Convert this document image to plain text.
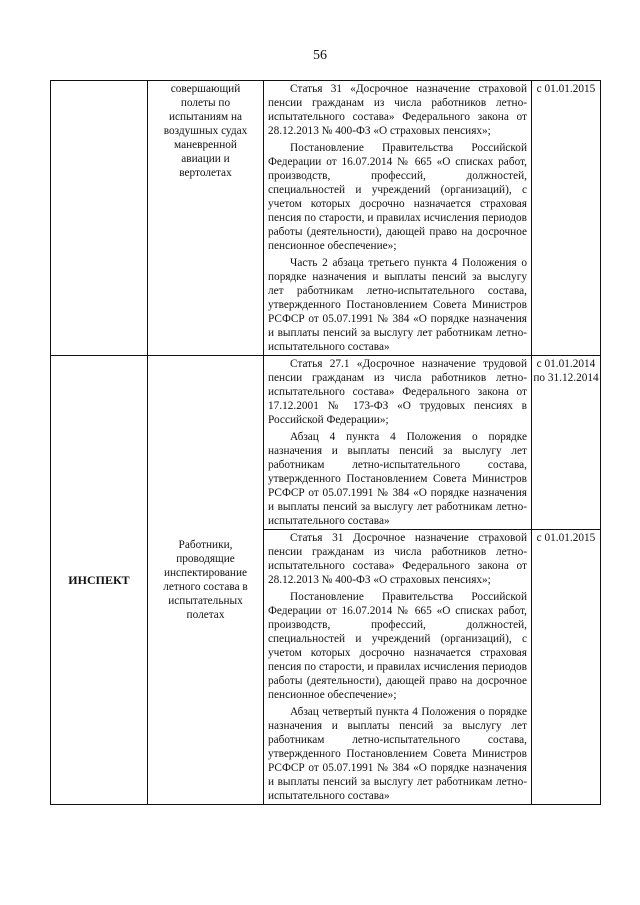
56
	совершающий полеты по испытаниям на воздушных судах маневренной авиации и вертолетах	Статья 31 «Досрочное назначение страховой пенсии гражданам из числа работников летно-испытательного состава» Федерального закона от 28.12.2013 № 400-ФЗ «О страховых пенсиях»;

Постановление Правительства Российской Федерации от 16.07.2014 № 665 «О списках работ, производств, профессий, должностей, специальностей и учреждений (организаций), с учетом которых досрочно назначается страховая пенсия по старости, и правилах исчисления периодов работы (деятельности), дающей право на досрочное пенсионное обеспечение»;

Часть 2 абзаца третьего пункта 4 Положения о порядке назначения и выплаты пенсий за выслугу лет работникам летно-испытательного состава, утвержденного Постановлением Совета Министров РСФСР от 05.07.1991 № 384 «О порядке назначения и выплаты пенсий за выслугу лет работникам летно-испытательного состава»	с 01.01.2015
ИНСПЕКТ	Работники, проводящие инспектирование летного состава в испытательных полетах	Статья 27.1 «Досрочное назначение трудовой пенсии гражданам из числа работников летно-испытательного состава» Федерального закона от 17.12.2001 № 173-ФЗ «О трудовых пенсиях в Российской Федерации»;

Абзац 4 пункта 4 Положения о порядке назначения и выплаты пенсий за выслугу лет работникам летно-испытательного состава, утвержденного Постановлением Совета Министров РСФСР от 05.07.1991 № 384 «О порядке назначения и выплаты пенсий за выслугу лет работникам летно-испытательного состава»	с 01.01.2014 по 31.12.2014

		Статья 31 Досрочное назначение страховой пенсии гражданам из числа работников летно-испытательного состава» Федерального закона от 28.12.2013 № 400-ФЗ «О страховых пенсиях»;

Постановление Правительства Российской Федерации от 16.07.2014 № 665 «О списках работ, производств, профессий, должностей, специальностей и учреждений (организаций), с учетом которых досрочно назначается страховая пенсия по старости, и правилах исчисления периодов работы (деятельности), дающей право на досрочное пенсионное обеспечение»;

Абзац четвертый пункта 4 Положения о порядке назначения и выплаты пенсий за выслугу лет работникам летно-испытательного состава, утвержденного Постановлением Совета Министров РСФСР от 05.07.1991 № 384 «О порядке назначения и выплаты пенсий за выслугу лет работникам летно-испытательного состава»	с 01.01.2015
